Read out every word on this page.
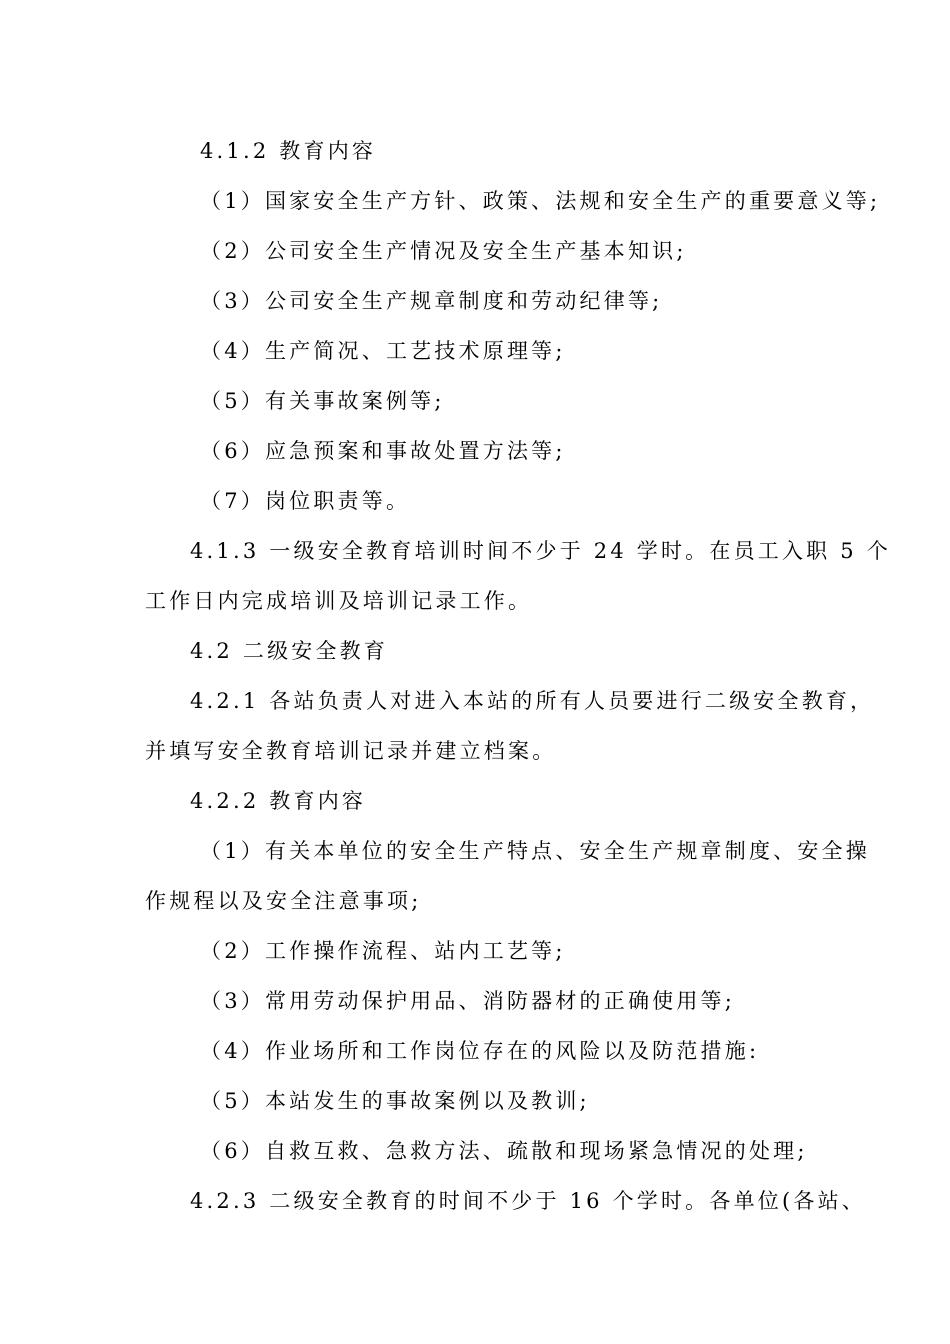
4.1.2 教育内容
（1）国家安全生产方针、政策、法规和安全生产的重要意义等;
（2）公司安全生产情况及安全生产基本知识;
（3）公司安全生产规章制度和劳动纪律等;
（4）生产简况、工艺技术原理等;
（5）有关事故案例等;
（6）应急预案和事故处置方法等;
（7）岗位职责等。
4.1.3 一级安全教育培训时间不少于 24 学时。在员工入职 5 个
工作日内完成培训及培训记录工作。
4.2 二级安全教育
4.2.1 各站负责人对进入本站的所有人员要进行二级安全教育，
并填写安全教育培训记录并建立档案。
4.2.2 教育内容
（1）有关本单位的安全生产特点、安全生产规章制度、安全操
作规程以及安全注意事项;
（2）工作操作流程、站内工艺等;
（3）常用劳动保护用品、消防器材的正确使用等;
（4）作业场所和工作岗位存在的风险以及防范措施:
（5）本站发生的事故案例以及教训;
（6）自救互救、急救方法、疏散和现场紧急情况的处理;
4.2.3 二级安全教育的时间不少于 16 个学时。各单位(各站、
